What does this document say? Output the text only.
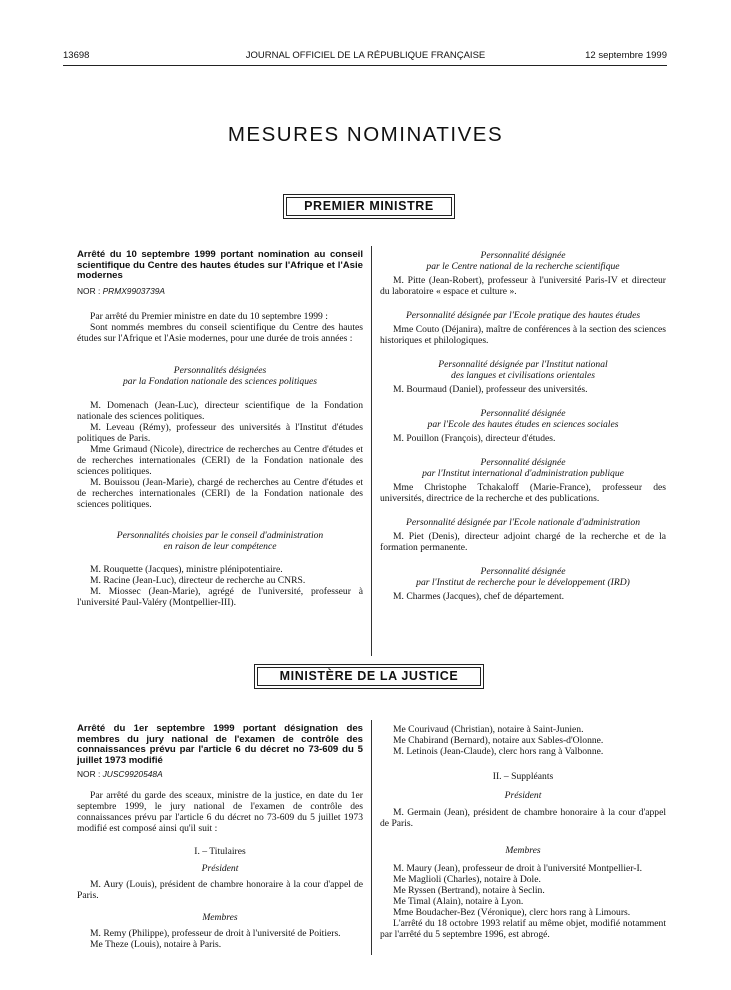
13698	JOURNAL OFFICIEL DE LA RÉPUBLIQUE FRANÇAISE	12 septembre 1999
MESURES NOMINATIVES
PREMIER MINISTRE

Arrêté du 10 septembre 1999 portant nomination au conseil scientifique du Centre des hautes études sur l'Afrique et l'Asie modernes

NOR : PRMX9903739A

Par arrêté du Premier ministre en date du 10 septembre 1999 :

Sont nommés membres du conseil scientifique du Centre des hautes études sur l'Afrique et l'Asie modernes, pour une durée de trois années :

Personnalités désignées

par la Fondation nationale des sciences politiques

M. Domenach (Jean-Luc), directeur scientifique de la Fondation nationale des sciences politiques.

M. Leveau (Rémy), professeur des universités à l'Institut d'études politiques de Paris.

Mme Grimaud (Nicole), directrice de recherches au Centre d'études et de recherches internationales (CERI) de la Fondation nationale des sciences politiques.

M. Bouissou (Jean-Marie), chargé de recherches au Centre d'études et de recherches internationales (CERI) de la Fondation nationale des sciences politiques.

Personnalités choisies par le conseil d'administration

en raison de leur compétence

M. Rouquette (Jacques), ministre plénipotentiaire.

M. Racine (Jean-Luc), directeur de recherche au CNRS.

M. Miossec (Jean-Marie), agrégé de l'université, professeur à l'université Paul-Valéry (Montpellier-III).

Personnalité désignée

par le Centre national de la recherche scientifique

M. Pitte (Jean-Robert), professeur à l'université Paris-IV et directeur du laboratoire « espace et culture ».

Personnalité désignée par l'Ecole pratique des hautes études

Mme Couto (Déjanira), maître de conférences à la section des sciences historiques et philologiques.

Personnalité désignée par l'Institut national

des langues et civilisations orientales

M. Bourmaud (Daniel), professeur des universités.

Personnalité désignée

par l'Ecole des hautes études en sciences sociales

M. Pouillon (François), directeur d'études.

Personnalité désignée

par l'Institut international d'administration publique

Mme Christophe Tchakaloff (Marie-France), professeur des universités, directrice de la recherche et des publications.

Personnalité désignée par l'Ecole nationale d'administration

M. Piet (Denis), directeur adjoint chargé de la recherche et de la formation permanente.

Personnalité désignée

par l'Institut de recherche pour le développement (IRD)

M. Charmes (Jacques), chef de département.

MINISTÈRE DE LA JUSTICE

Arrêté du 1er septembre 1999 portant désignation des membres du jury national de l'examen de contrôle des connaissances prévu par l'article 6 du décret no 73-609 du 5 juillet 1973 modifié

NOR : JUSC9920548A

Par arrêté du garde des sceaux, ministre de la justice, en date du 1er septembre 1999, le jury national de l'examen de contrôle des connaissances prévu par l'article 6 du décret no 73-609 du 5 juillet 1973 modifié est composé ainsi qu'il suit :

I. – Titulaires

Président

M. Aury (Louis), président de chambre honoraire à la cour d'appel de Paris.

Membres

M. Remy (Philippe), professeur de droit à l'université de Poitiers.

Me Theze (Louis), notaire à Paris.

Me Courivaud (Christian), notaire à Saint-Junien.

Me Chabirand (Bernard), notaire aux Sables-d'Olonne.

M. Letinois (Jean-Claude), clerc hors rang à Valbonne.

II. – Suppléants

Président

M. Germain (Jean), président de chambre honoraire à la cour d'appel de Paris.

Membres

M. Maury (Jean), professeur de droit à l'université Montpellier-I.

Me Maglioli (Charles), notaire à Dole.

Me Ryssen (Bertrand), notaire à Seclin.

Me Timal (Alain), notaire à Lyon.

Mme Boudacher-Bez (Véronique), clerc hors rang à Limours.

L'arrêté du 18 octobre 1993 relatif au même objet, modifié notamment par l'arrêté du 5 septembre 1996, est abrogé.
